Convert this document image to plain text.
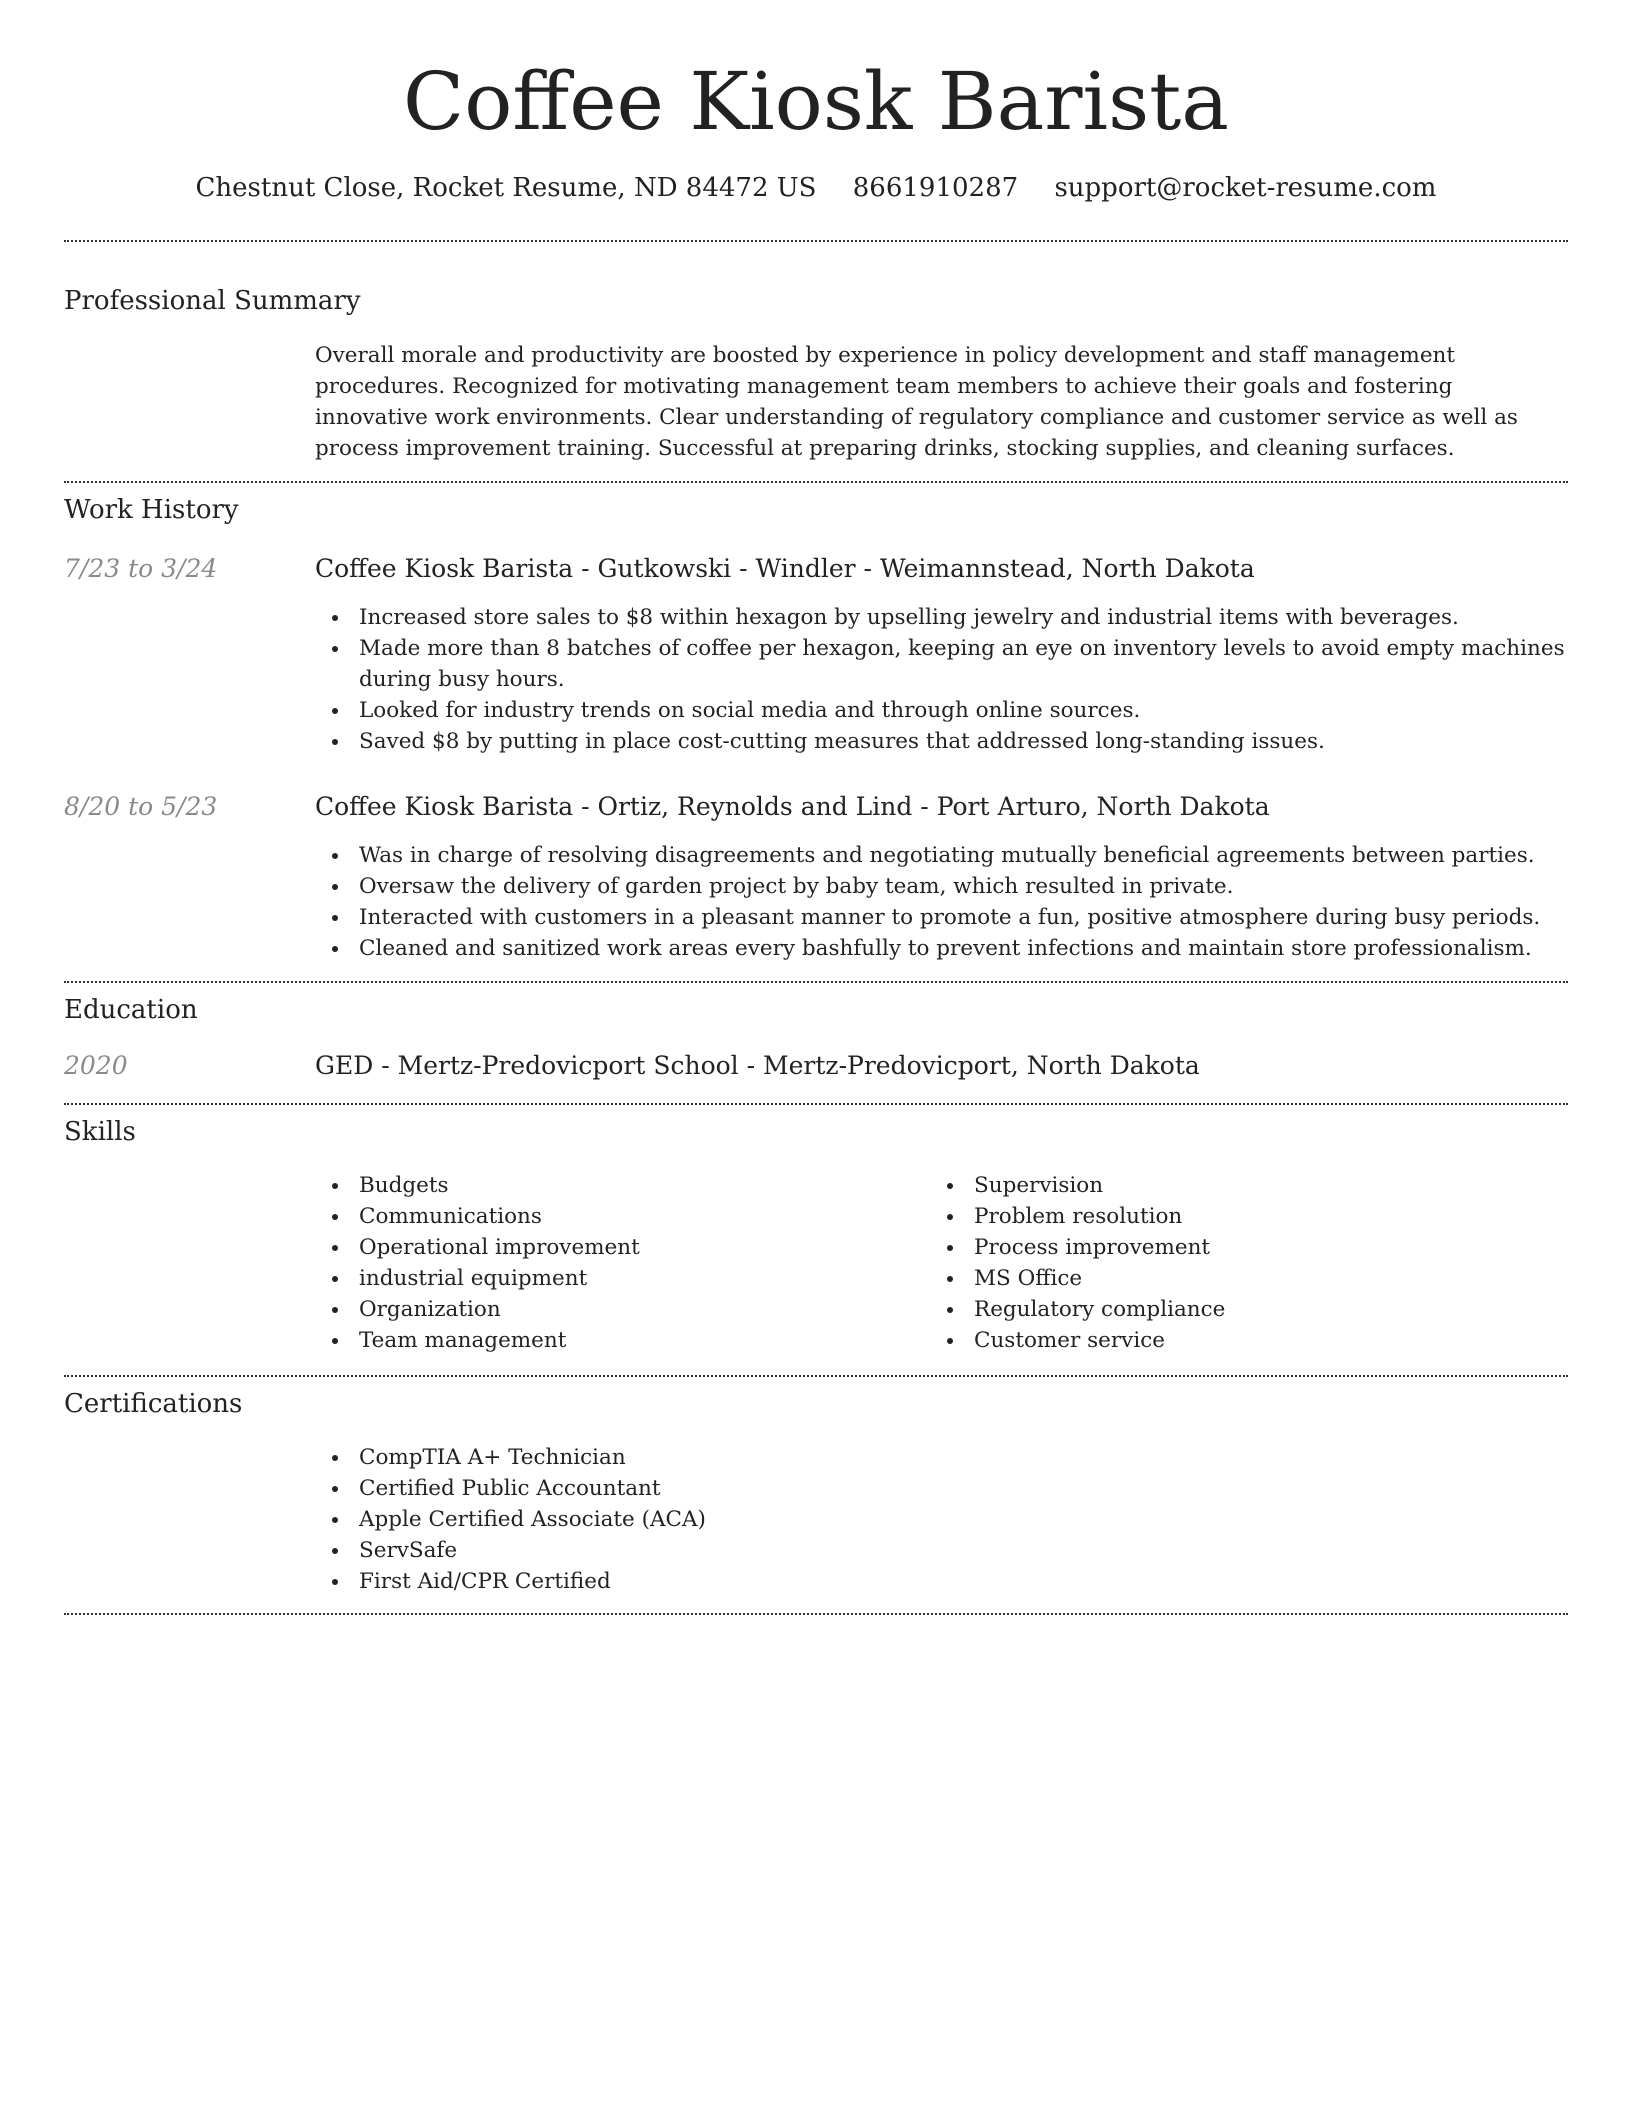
Coffee Kiosk Barista
Chestnut Close, Rocket Resume, ND 84472 US 8661910287 support@rocket-resume.com
Professional Summary
Overall morale and productivity are boosted by experience in policy development and staff management procedures. Recognized for motivating management team members to achieve their goals and fostering innovative work environments. Clear understanding of regulatory compliance and customer service as well as process improvement training. Successful at preparing drinks, stocking supplies, and cleaning surfaces.
Work History
7/23 to 3/24	Coffee Kiosk Barista - Gutkowski - Windler - Weimannstead, North Dakota
Increased store sales to $8 within hexagon by upselling jewelry and industrial items with beverages.
Made more than 8 batches of coffee per hexagon, keeping an eye on inventory levels to avoid empty machines during busy hours.
Looked for industry trends on social media and through online sources.
Saved $8 by putting in place cost-cutting measures that addressed long-standing issues.
8/20 to 5/23	Coffee Kiosk Barista - Ortiz, Reynolds and Lind - Port Arturo, North Dakota
Was in charge of resolving disagreements and negotiating mutually beneficial agreements between parties.
Oversaw the delivery of garden project by baby team, which resulted in private.
Interacted with customers in a pleasant manner to promote a fun, positive atmosphere during busy periods.
Cleaned and sanitized work areas every bashfully to prevent infections and maintain store professionalism.
Education
2020	GED - Mertz-Predovicport School - Mertz-Predovicport, North Dakota
Skills
Budgets
Communications
Operational improvement
industrial equipment
Organization
Team management
Supervision
Problem resolution
Process improvement
MS Office
Regulatory compliance
Customer service
Certifications
CompTIA A+ Technician
Certified Public Accountant
Apple Certified Associate (ACA)
ServSafe
First Aid/CPR Certified
